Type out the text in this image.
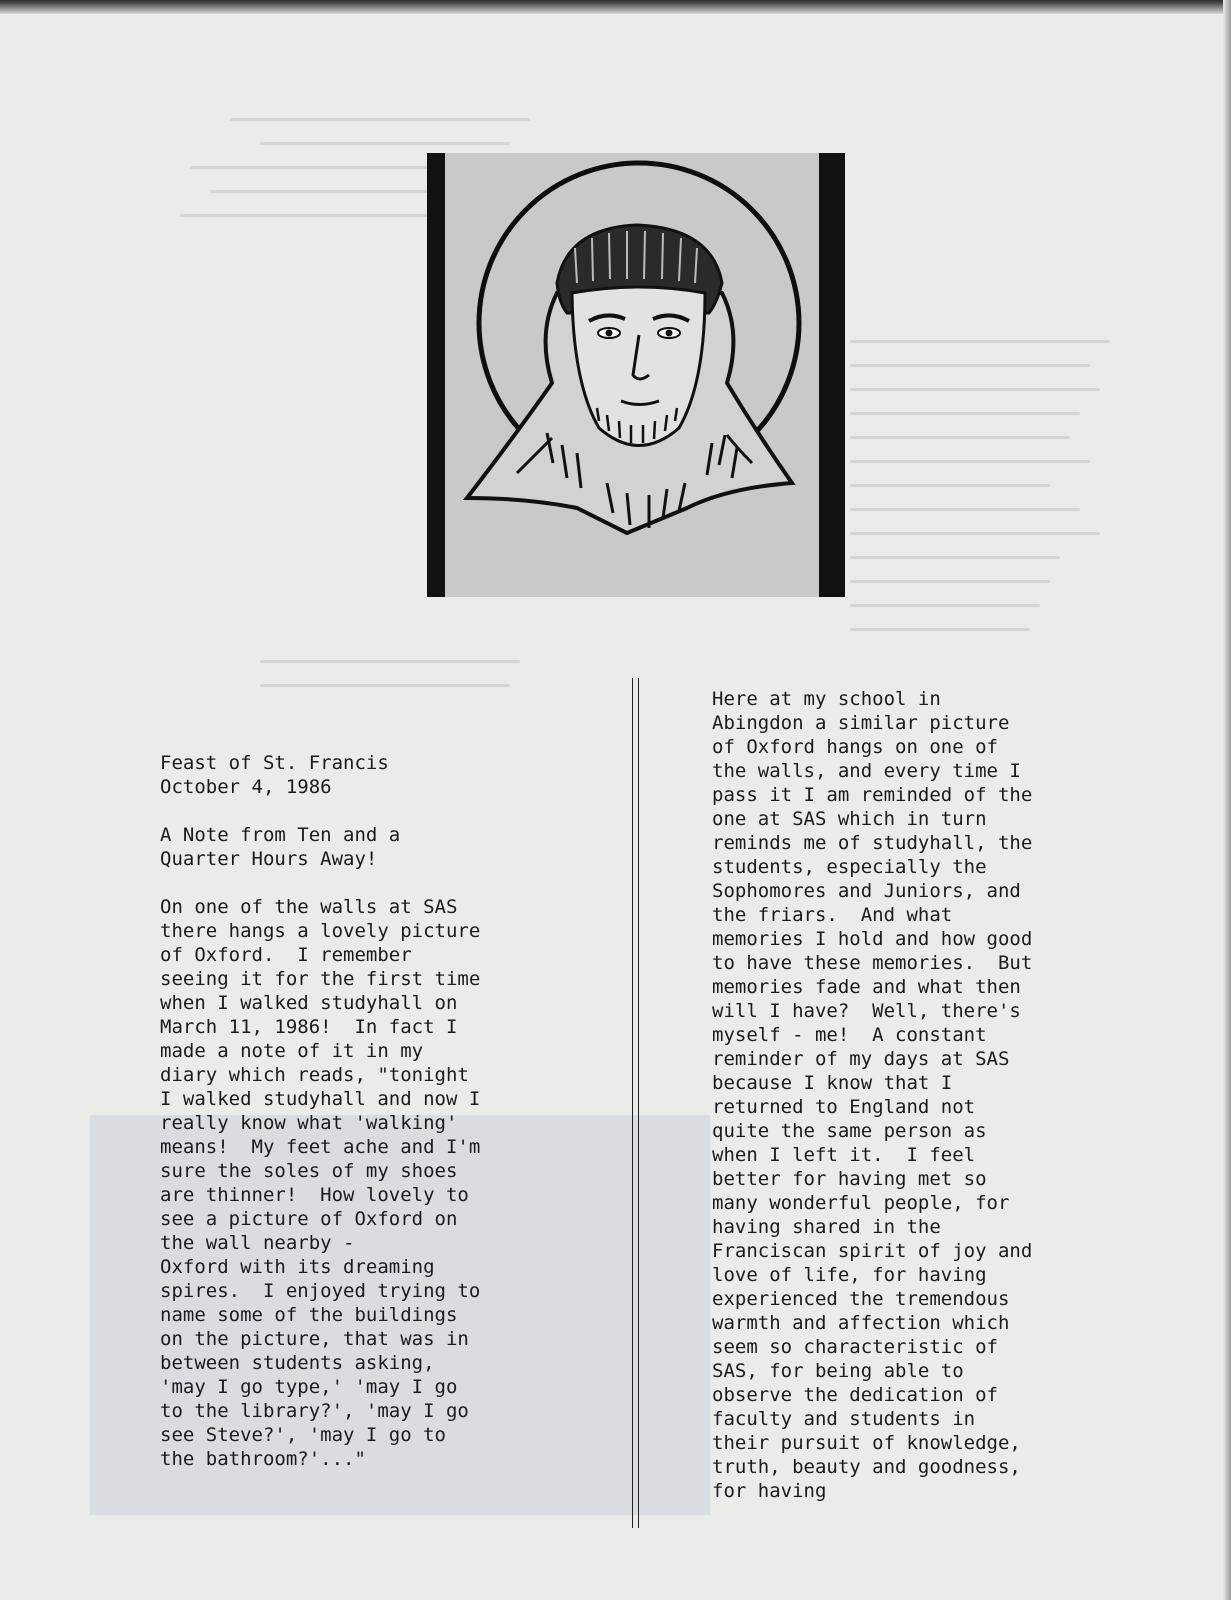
Feast of St. Francis
October 4, 1986
A Note from Ten and a
Quarter Hours Away!
On one of the walls at SAS
there hangs a lovely picture
of Oxford.  I remember
seeing it for the first time
when I walked studyhall on
March 11, 1986!  In fact I
made a note of it in my
diary which reads, "tonight
I walked studyhall and now I
really know what 'walking'
means!  My feet ache and I'm
sure the soles of my shoes
are thinner!  How lovely to
see a picture of Oxford on
the wall nearby -
Oxford with its dreaming
spires.  I enjoyed trying to
name some of the buildings
on the picture, that was in
between students asking,
'may I go type,' 'may I go
to the library?', 'may I go
see Steve?', 'may I go to
the bathroom?'..."
Here at my school in
Abingdon a similar picture
of Oxford hangs on one of
the walls, and every time I
pass it I am reminded of the
one at SAS which in turn
reminds me of studyhall, the
students, especially the
Sophomores and Juniors, and
the friars.  And what
memories I hold and how good
to have these memories.  But
memories fade and what then
will I have?  Well, there's
myself - me!  A constant
reminder of my days at SAS
because I know that I
returned to England not
quite the same person as
when I left it.  I feel
better for having met so
many wonderful people, for
having shared in the
Franciscan spirit of joy and
love of life, for having
experienced the tremendous
warmth and affection which
seem so characteristic of
SAS, for being able to
observe the dedication of
faculty and students in
their pursuit of knowledge,
truth, beauty and goodness,
for having
